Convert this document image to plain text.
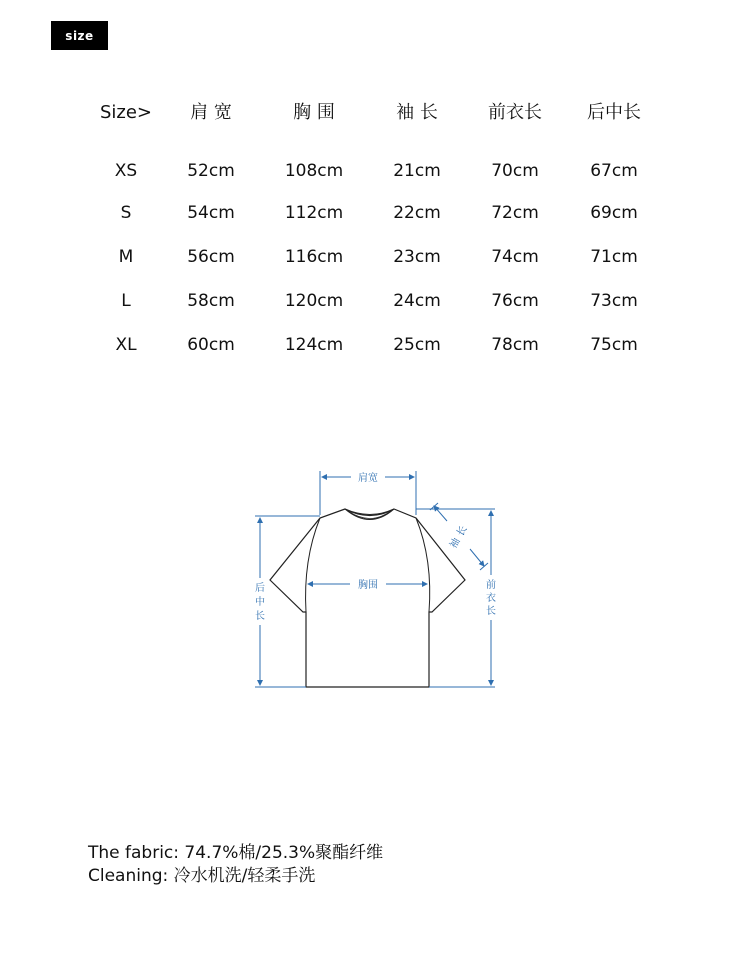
size
Size>	肩 宽	胸 围	袖 长	前衣长	后中长
XS	52cm	108cm	21cm	70cm	67cm
S	54cm	112cm	22cm	72cm	69cm
M	56cm	116cm	23cm	74cm	71cm
L	58cm	120cm	24cm	76cm	73cm
XL	60cm	124cm	25cm	78cm	75cm
肩宽
胸围
袖
长
后
中
长
前
衣
长
The fabric: 74.7%棉/25.3%聚酯纤维
Cleaning: 冷水机洗/轻柔手洗
